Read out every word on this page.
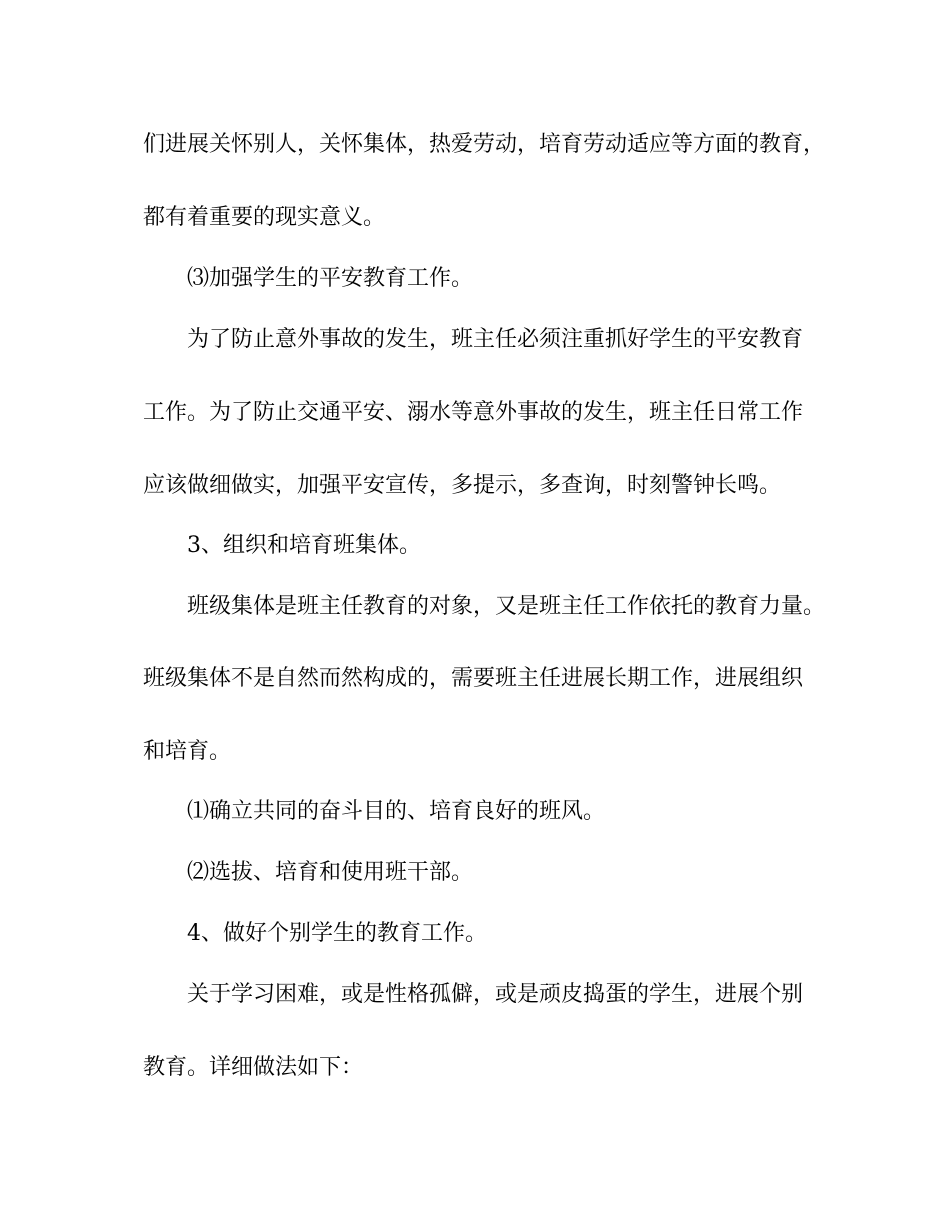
们进展关怀别人，关怀集体，热爱劳动，培育劳动适应等方面的教育，
都有着重要的现实意义。
⑶加强学生的平安教育工作。
为了防止意外事故的发生，班主任必须注重抓好学生的平安教育
工作。为了防止交通平安、溺水等意外事故的发生，班主任日常工作
应该做细做实，加强平安宣传，多提示，多查询，时刻警钟长鸣。
3、组织和培育班集体。
班级集体是班主任教育的对象，又是班主任工作依托的教育力量。
班级集体不是自然而然构成的，需要班主任进展长期工作，进展组织
和培育。
⑴确立共同的奋斗目的、培育良好的班风。
⑵选拔、培育和使用班干部。
4、做好个别学生的教育工作。
关于学习困难，或是性格孤僻，或是顽皮捣蛋的学生，进展个别
教育。详细做法如下：
